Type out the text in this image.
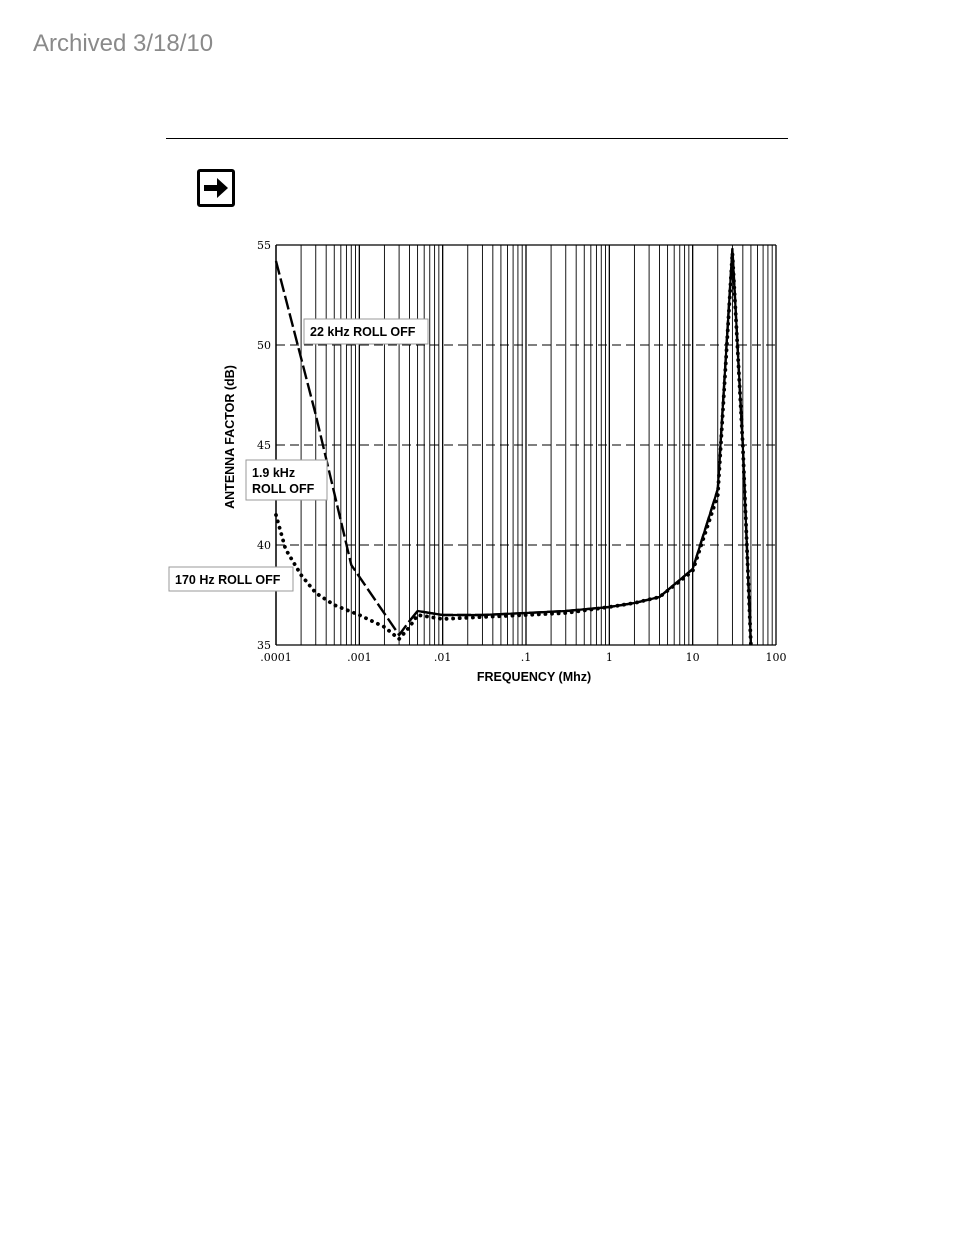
Archived 3/18/10
.0001	.001	.01	.1	1	10	100
35
40
45
50
55
ANTENNA FACTOR (dB)
FREQUENCY (Mhz)
22 kHz ROLL OFF
1.9 kHz
ROLL OFF
170 Hz ROLL OFF
